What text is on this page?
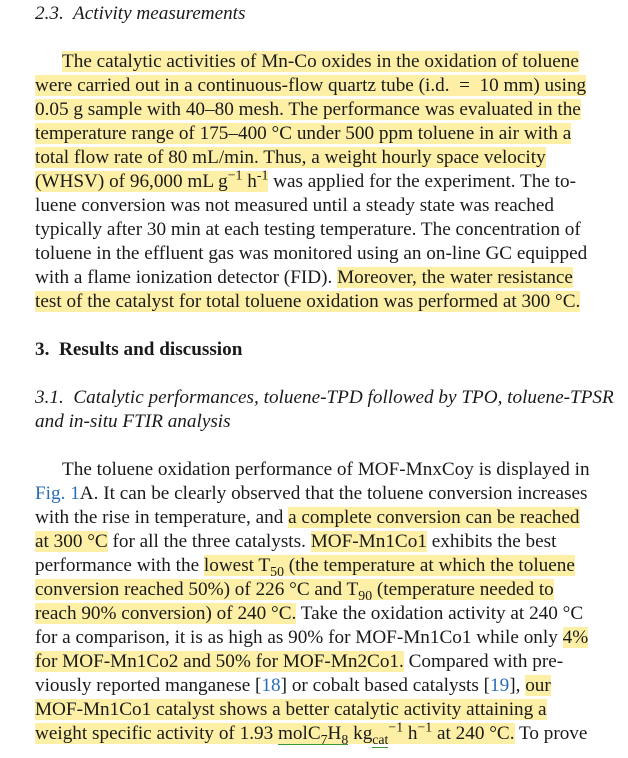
2.3.  Activity measurements
The catalytic activities of Mn-Co oxides in the oxidation of toluene
were carried out in a continuous-flow quartz tube (i.d.  =  10 mm) using
0.05 g sample with 40–80 mesh. The performance was evaluated in the
temperature range of 175–400 °C under 500 ppm toluene in air with a
total flow rate of 80 mL/min. Thus, a weight hourly space velocity
(WHSV) of 96,000 mL $g^{-1}$ $h^{-1}$ was applied for the experiment. The to-
luene conversion was not measured until a steady state was reached
typically after 30 min at each testing temperature. The concentration of
toluene in the effluent gas was monitored using an on-line GC equipped
with a flame ionization detector (FID). Moreover, the water resistance
test of the catalyst for total toluene oxidation was performed at 300 °C.
3.  Results and discussion
3.1.  Catalytic performances, toluene-TPD followed by TPO, toluene-TPSR
and in-situ FTIR analysis
The toluene oxidation performance of MOF-MnxCoy is displayed in
Fig. 1A. It can be clearly observed that the toluene conversion increases
with the rise in temperature, and a complete conversion can be reached
at 300 °C for all the three catalysts. MOF-Mn1Co1 exhibits the best
performance with the lowest $T_{50}$ (the temperature at which the toluene
conversion reached 50%) of 226 °C and $T_{90}$ (temperature needed to
reach 90% conversion) of 240 °C. Take the oxidation activity at 240 °C
for a comparison, it is as high as 90% for MOF-Mn1Co1 while only 4%
for MOF-Mn1Co2 and 50% for MOF-Mn2Co1. Compared with pre-
viously reported manganese [18] or cobalt based catalysts [19], our
MOF-Mn1Co1 catalyst shows a better catalytic activity attaining a
weight specific activity of 1.93 $molC_7H_8$ $kg_{cat}^{-1}$ $h^{-1}$ at 240 °C. To prove
